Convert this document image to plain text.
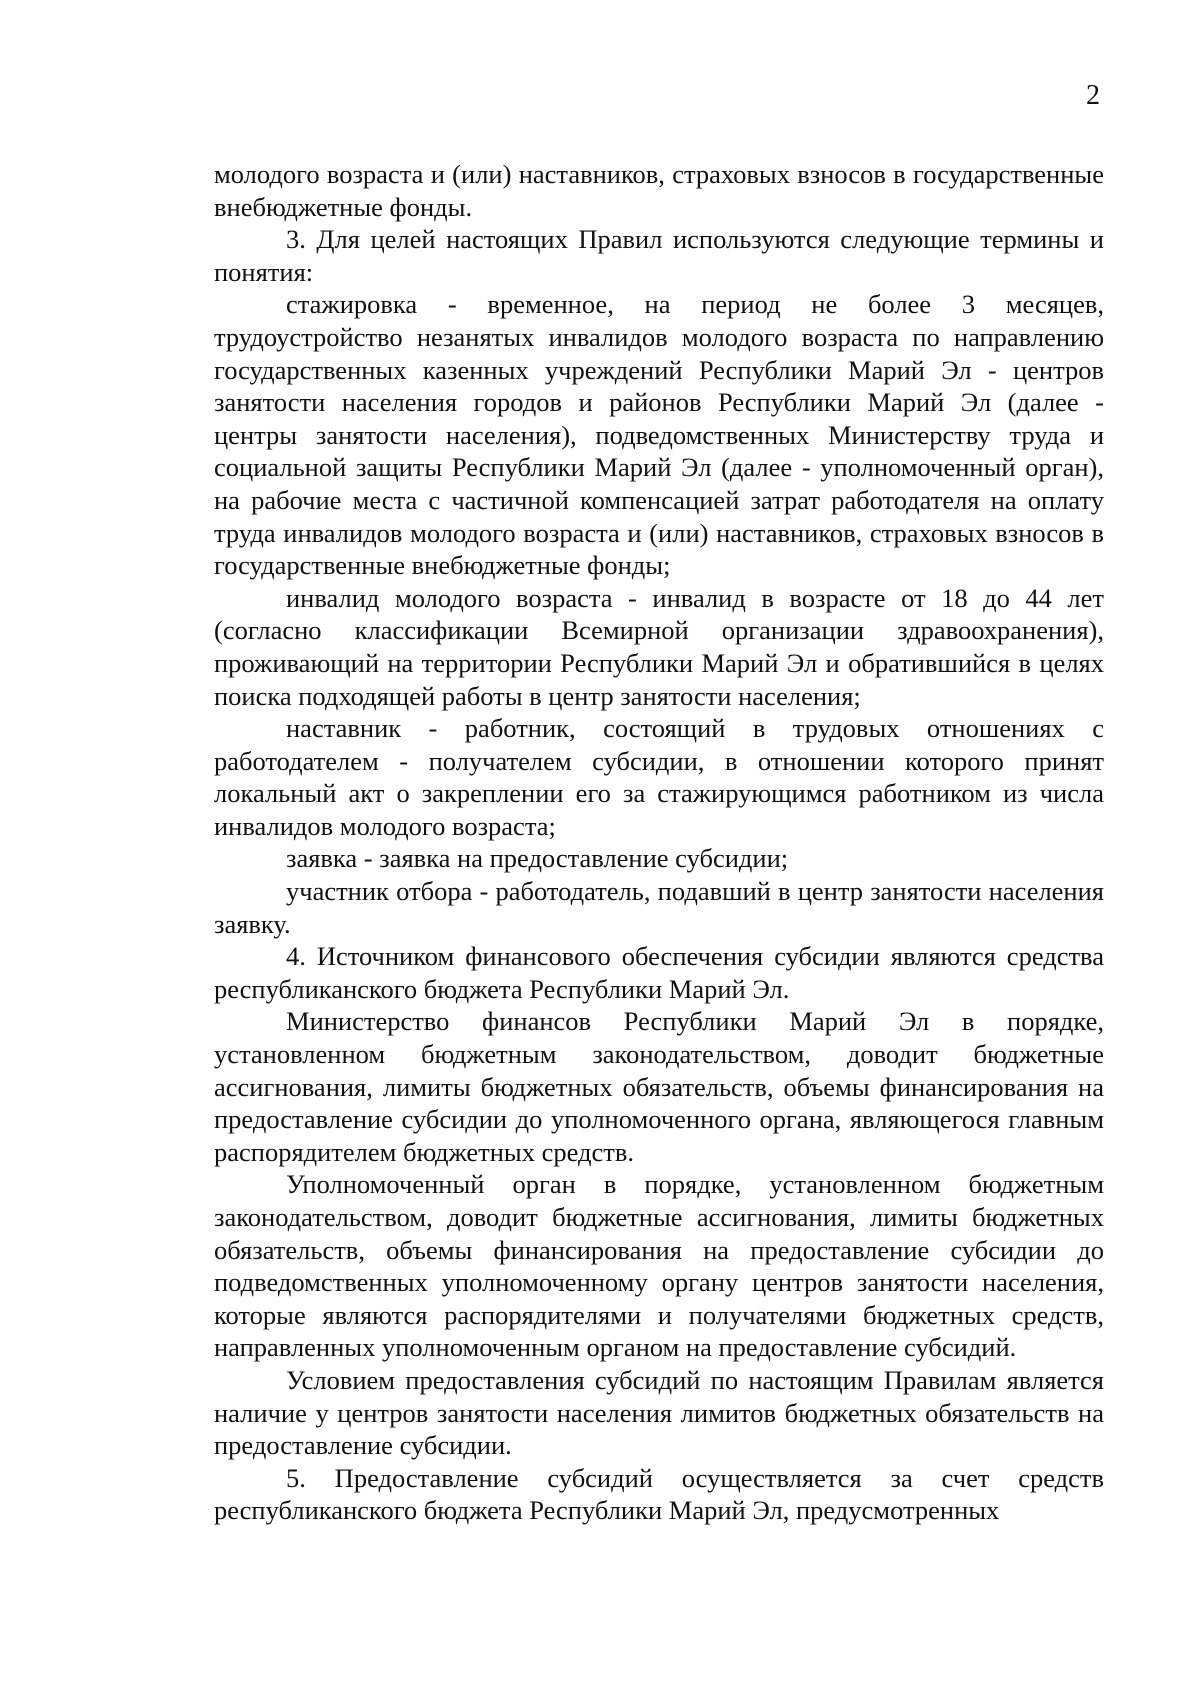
2

молодого возраста и (или) наставников, страховых взносов в государственные внебюджетные фонды.

3. Для целей настоящих Правил используются следующие термины и понятия:

стажировка - временное, на период не более 3 месяцев, трудоустройство незанятых инвалидов молодого возраста по направлению государственных казенных учреждений Республики Марий Эл - центров занятости населения городов и районов Республики Марий Эл (далее - центры занятости населения), подведомственных Министерству труда и социальной защиты Республики Марий Эл (далее - уполномоченный орган), на рабочие места с частичной компенсацией затрат работодателя на оплату труда инвалидов молодого возраста и (или) наставников, страховых взносов в государственные внебюджетные фонды;

инвалид молодого возраста - инвалид в возрасте от 18 до 44 лет (согласно классификации Всемирной организации здравоохранения), проживающий на территории Республики Марий Эл и обратившийся в целях поиска подходящей работы в центр занятости населения;

наставник - работник, состоящий в трудовых отношениях с работодателем - получателем субсидии, в отношении которого принят локальный акт о закреплении его за стажирующимся работником из числа инвалидов молодого возраста;

заявка - заявка на предоставление субсидии;

участник отбора - работодатель, подавший в центр занятости населения заявку.

4. Источником финансового обеспечения субсидии являются средства республиканского бюджета Республики Марий Эл.

Министерство финансов Республики Марий Эл в порядке, установленном бюджетным законодательством, доводит бюджетные ассигнования, лимиты бюджетных обязательств, объемы финансирования на предоставление субсидии до уполномоченного органа, являющегося главным распорядителем бюджетных средств.

Уполномоченный орган в порядке, установленном бюджетным законодательством, доводит бюджетные ассигнования, лимиты бюджетных обязательств, объемы финансирования на предоставление субсидии до подведомственных уполномоченному органу центров занятости населения, которые являются распорядителями и получателями бюджетных средств, направленных уполномоченным органом на предоставление субсидий.

Условием предоставления субсидий по настоящим Правилам является наличие у центров занятости населения лимитов бюджетных обязательств на предоставление субсидии.

5. Предоставление субсидий осуществляется за счет средств республиканского бюджета Республики Марий Эл, предусмотренных
